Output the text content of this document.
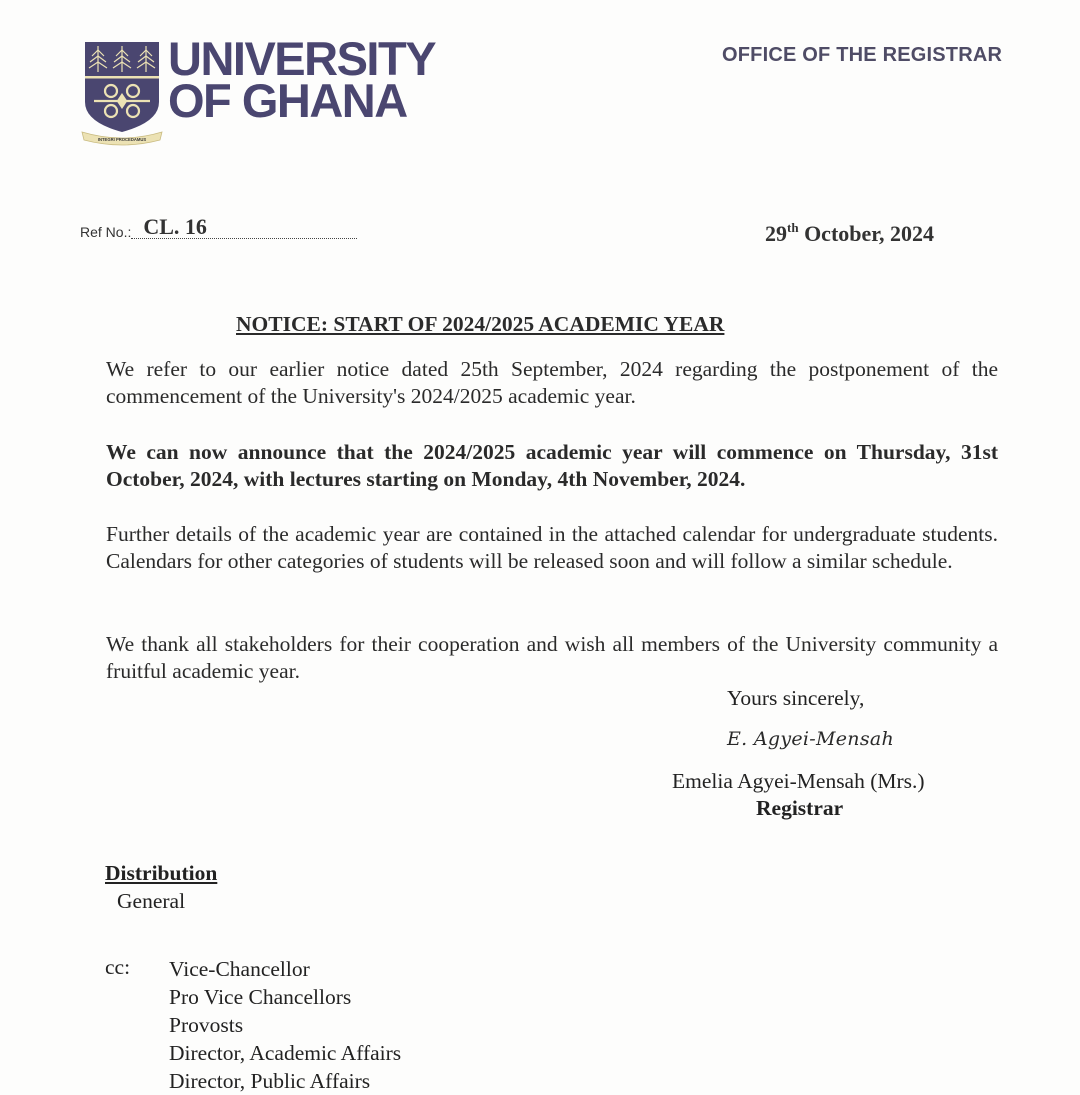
INTEGRI PROCEDAMUS
UNIVERSITY
OF GHANA
OFFICE OF THE REGISTRAR
Ref No.: CL. 16	29th October, 2024
NOTICE: START OF 2024/2025 ACADEMIC YEAR
We refer to our earlier notice dated 25th September, 2024 regarding the postponement of the commencement of the University's 2024/2025 academic year.
We can now announce that the 2024/2025 academic year will commence on Thursday, 31st October, 2024, with lectures starting on Monday, 4th November, 2024.
Further details of the academic year are contained in the attached calendar for undergraduate students. Calendars for other categories of students will be released soon and will follow a similar schedule.
We thank all stakeholders for their cooperation and wish all members of the University community a fruitful academic year.
Yours sincerely,
E. Agyei-Mensah
Emelia Agyei-Mensah (Mrs.)
Registrar
Distribution
General
cc: Vice-Chancellor
Pro Vice Chancellors
Provosts
Director, Academic Affairs
Director, Public Affairs
